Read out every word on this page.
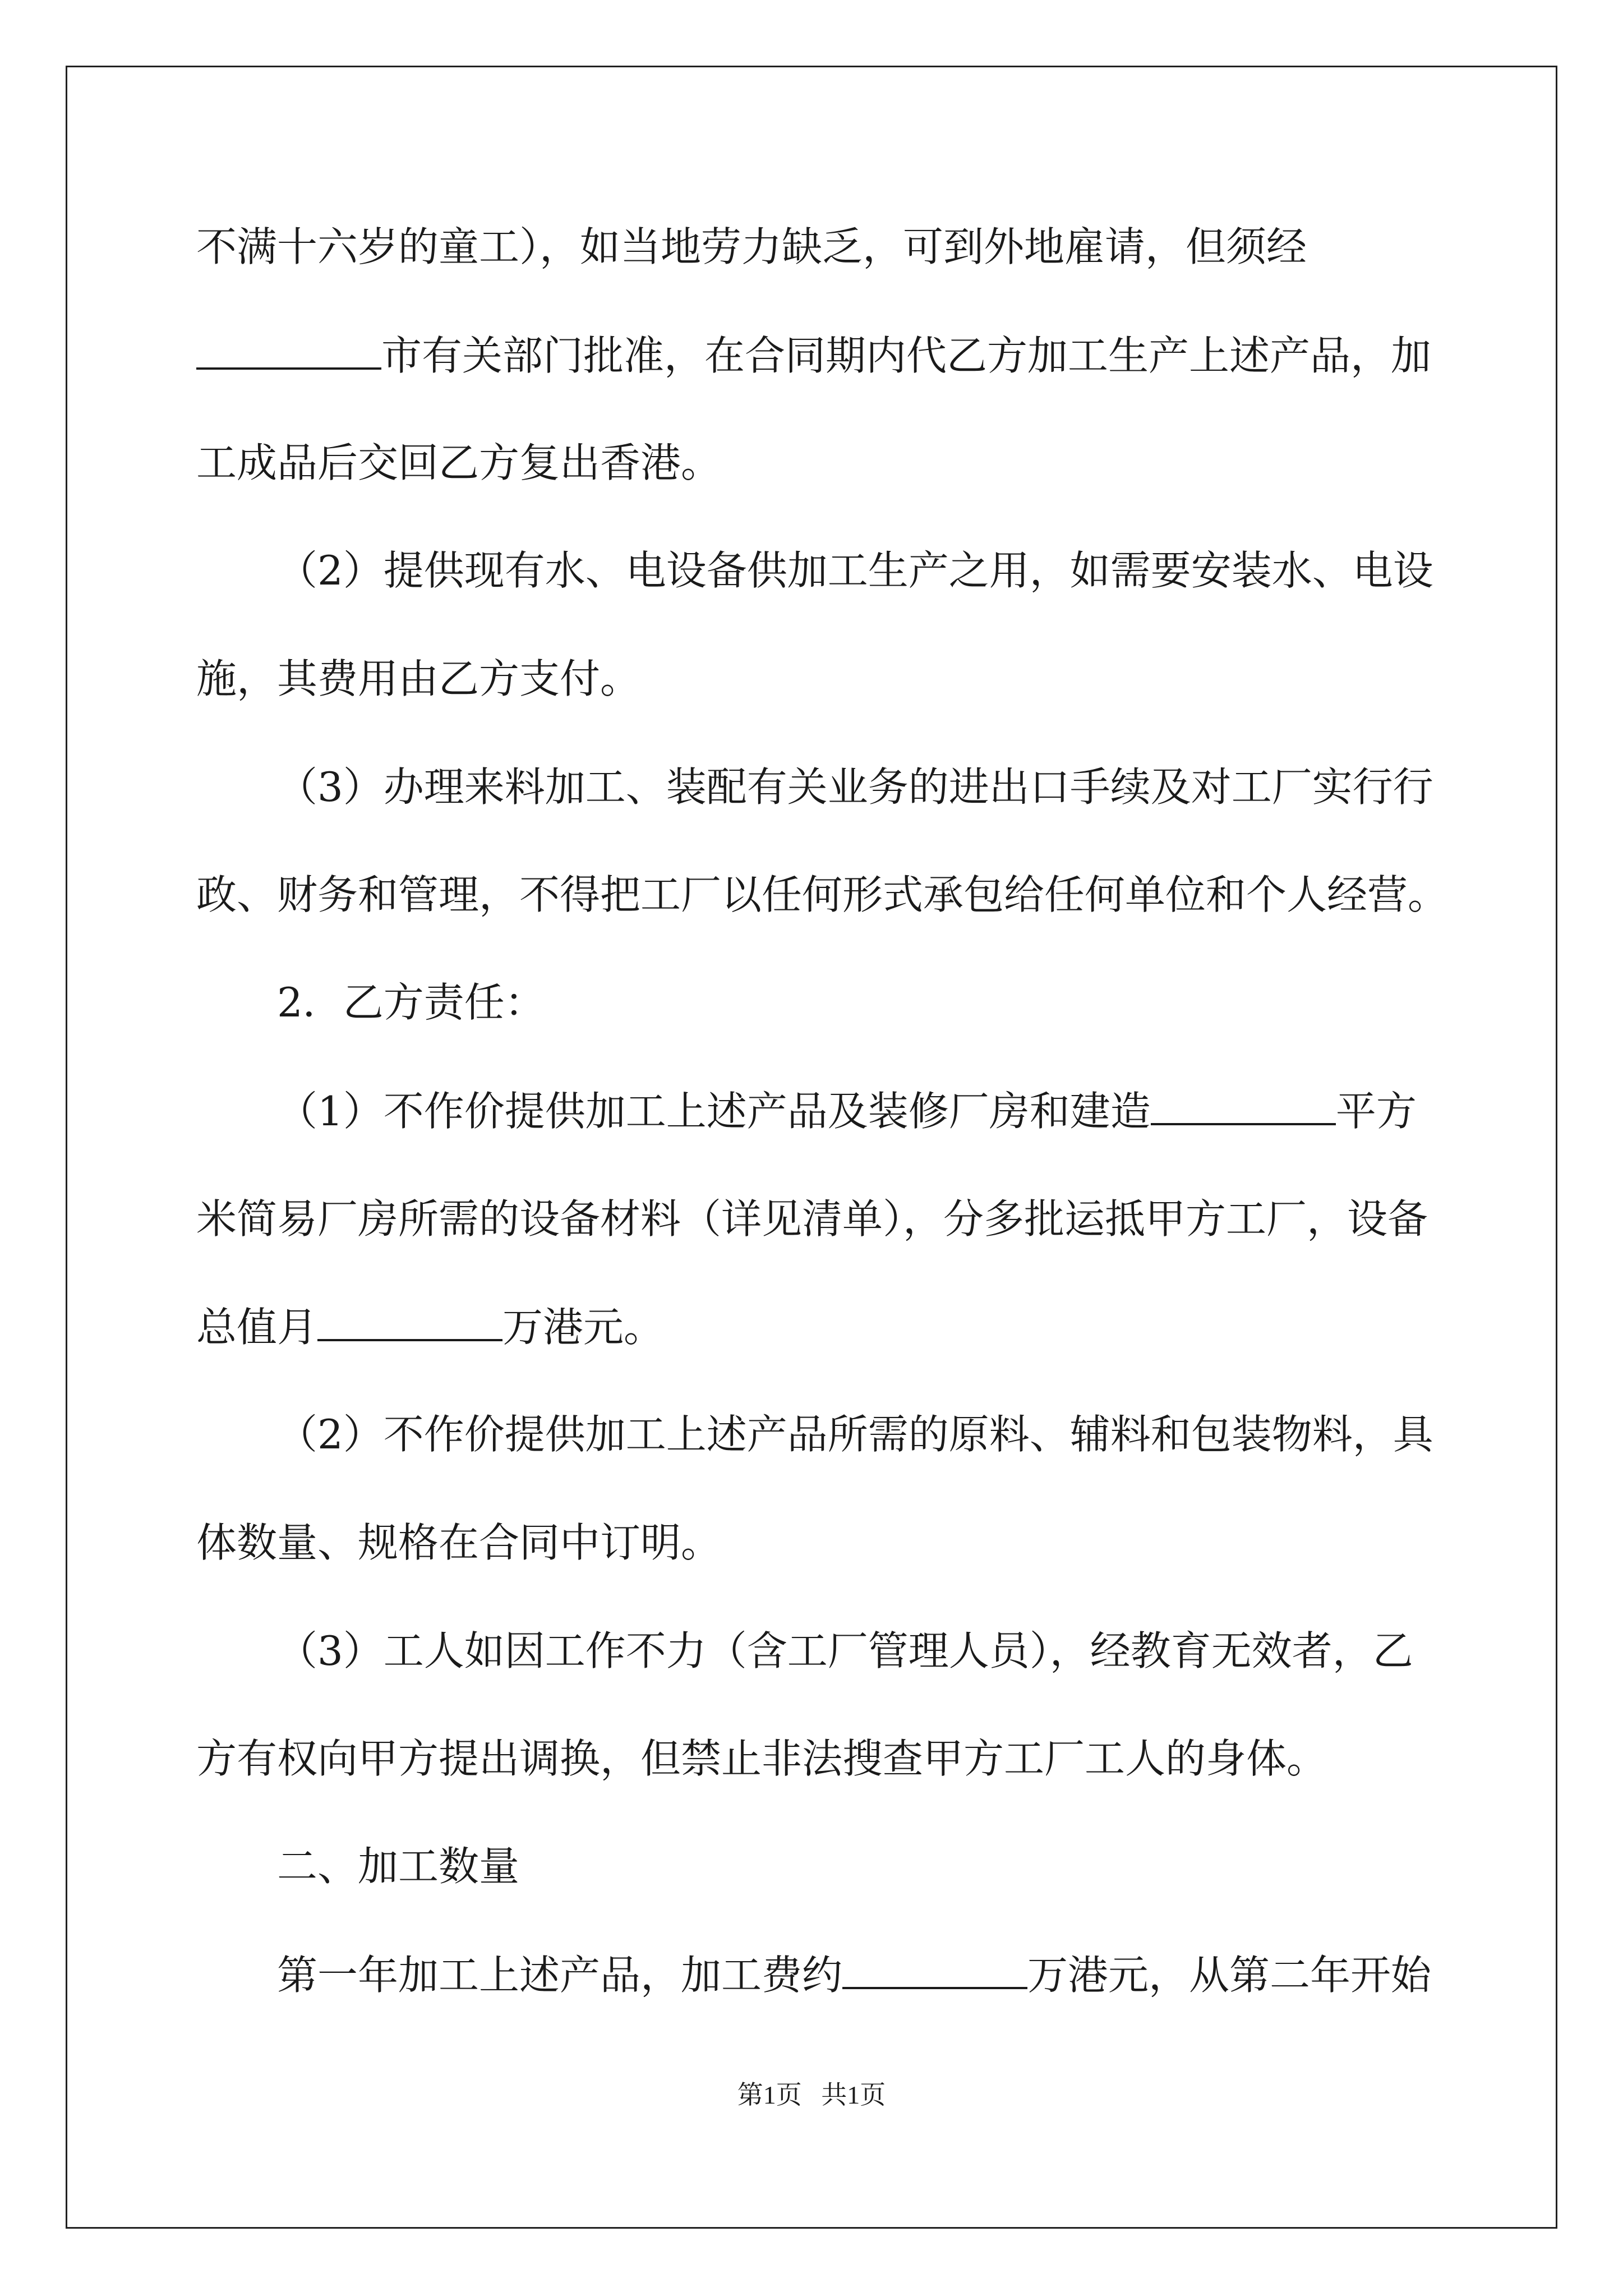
不满十六岁的童工），如当地劳力缺乏，可到外地雇请，但须经
市有关部门批准，在合同期内代乙方加工生产上述产品，加
工成品后交回乙方复出香港。
（2）提供现有水、电设备供加工生产之用，如需要安装水、电设
施，其费用由乙方支付。
（3）办理来料加工、装配有关业务的进出口手续及对工厂实行行
政、财务和管理，不得把工厂以任何形式承包给任何单位和个人经营。
2．乙方责任：
（1）不作价提供加工上述产品及装修厂房和建造	平方
米简易厂房所需的设备材料（详见清单），分多批运抵甲方工厂，设备
总值月	万港元。
（2）不作价提供加工上述产品所需的原料、辅料和包装物料，具
体数量、规格在合同中订明。
（3）工人如因工作不力（含工厂管理人员），经教育无效者，乙
方有权向甲方提出调换，但禁止非法搜查甲方工厂工人的身体。
二、加工数量
第一年加工上述产品，加工费约	万港元，从第二年开始
第1页   共1页
